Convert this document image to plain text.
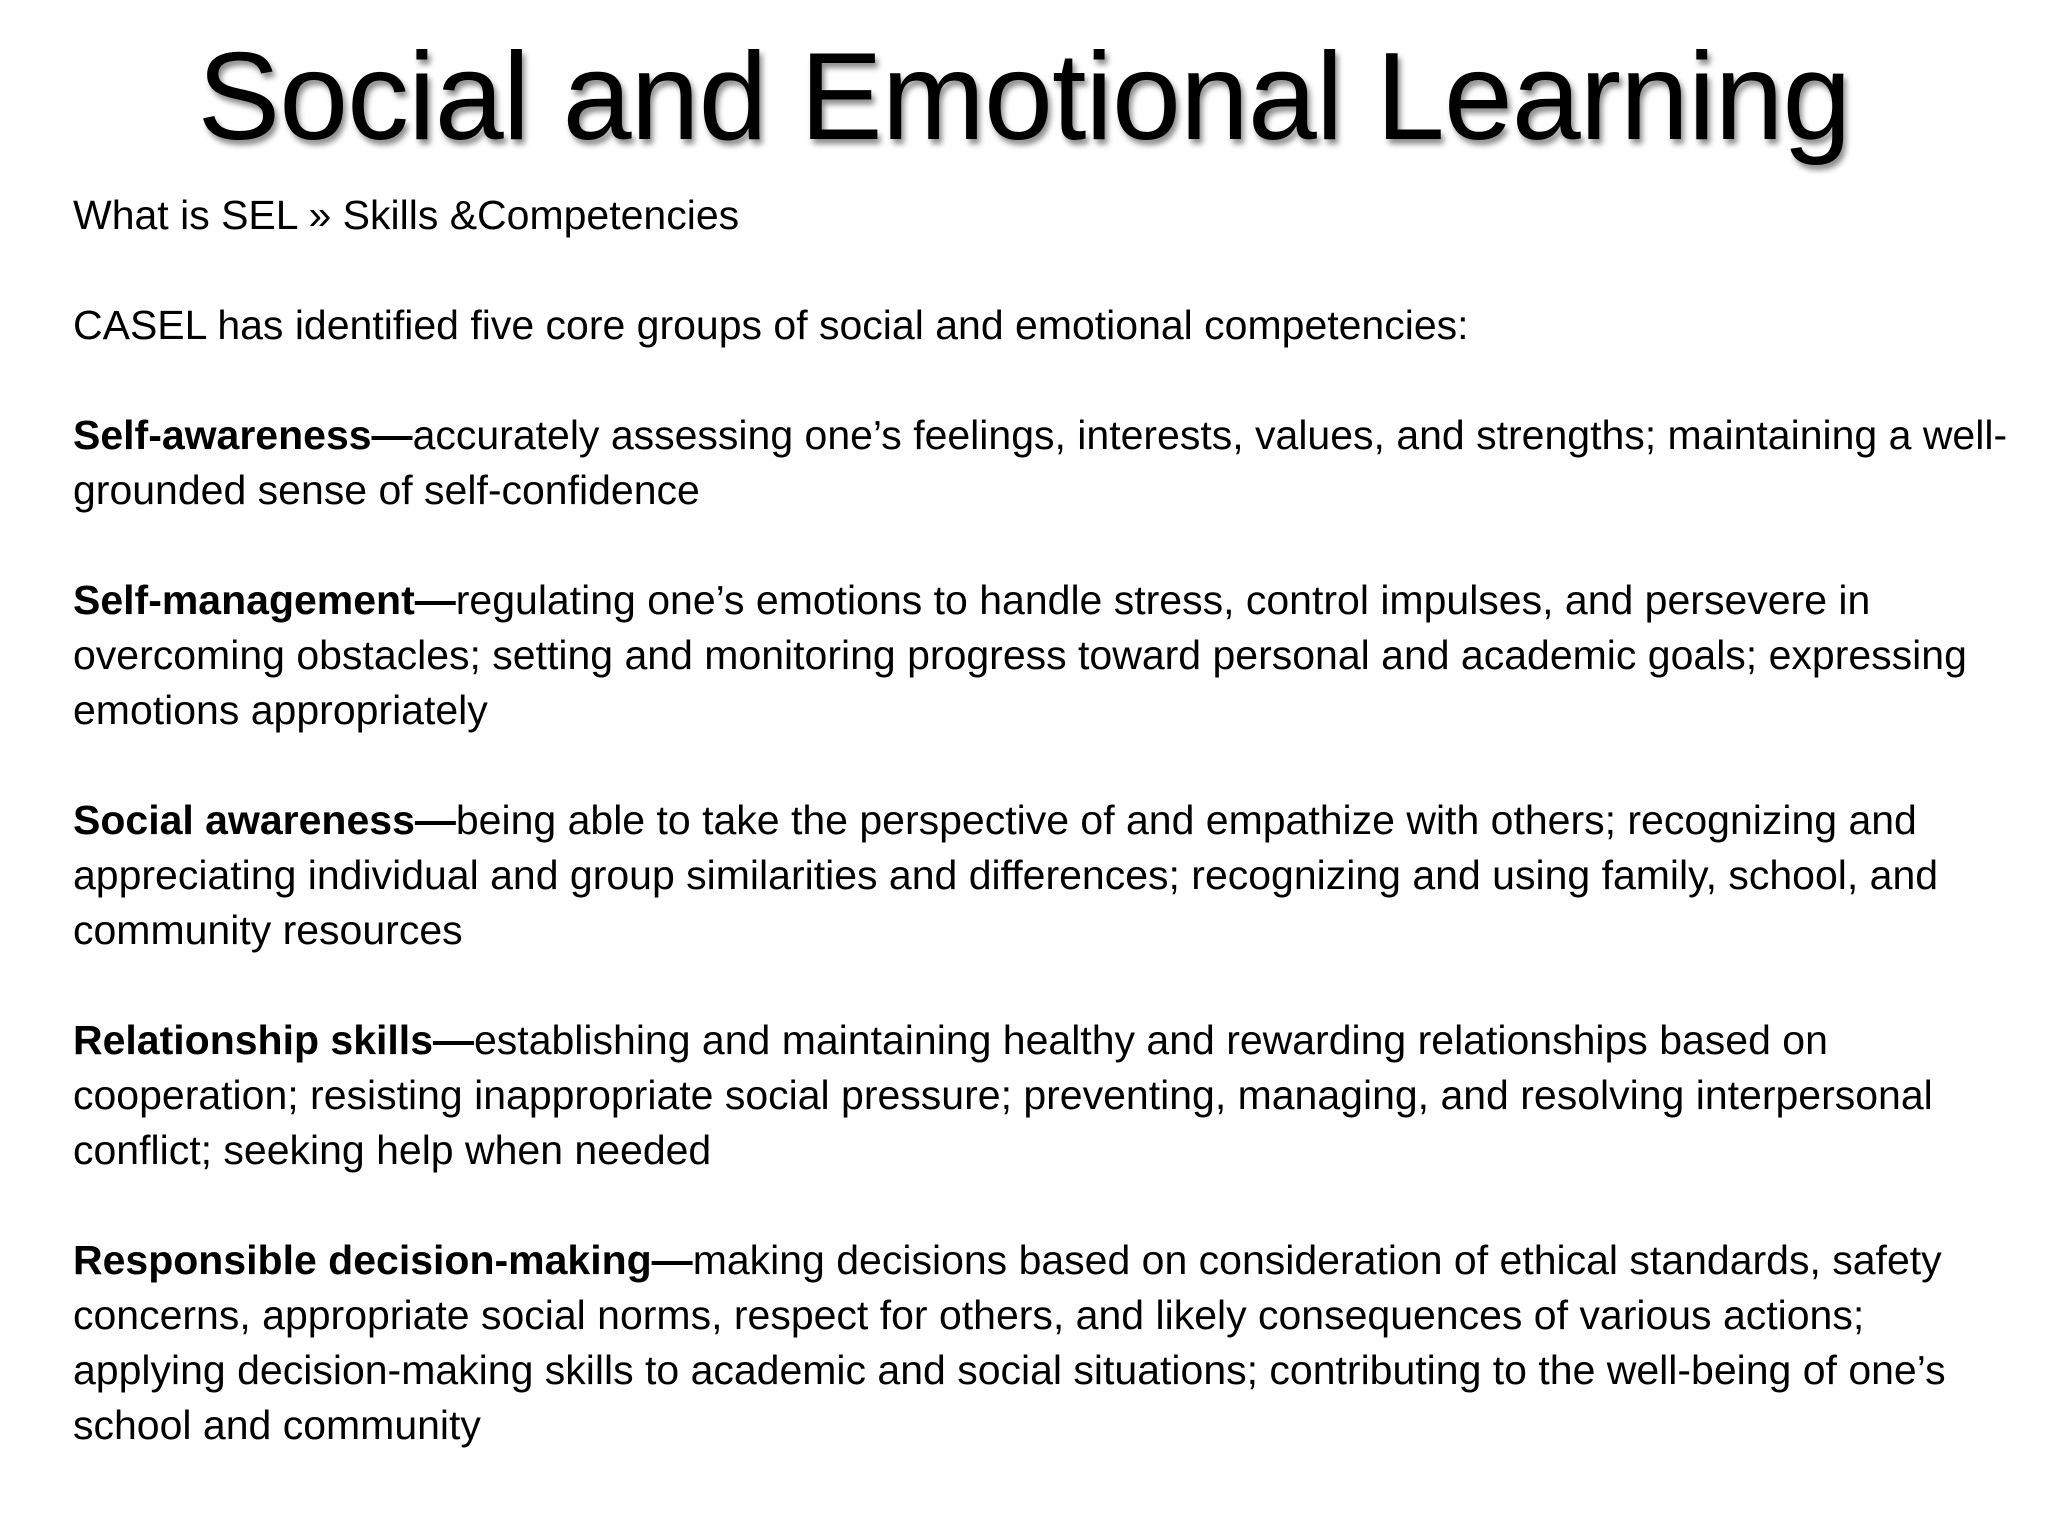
Social and Emotional Learning

What is SEL » Skills &Competencies

CASEL has identified five core groups of social and emotional competencies:

Self-awareness—accurately assessing one’s feelings, interests, values, and strengths; maintaining a well-grounded sense of self-confidence

Self-management—regulating one’s emotions to handle stress, control impulses, and persevere in overcoming obstacles; setting and monitoring progress toward personal and academic goals; expressing emotions appropriately

Social awareness—being able to take the perspective of and empathize with others; recognizing and appreciating individual and group similarities and differences; recognizing and using family, school, and community resources

Relationship skills—establishing and maintaining healthy and rewarding relationships based on cooperation; resisting inappropriate social pressure; preventing, managing, and resolving interpersonal conflict; seeking help when needed

Responsible decision-making—making decisions based on consideration of ethical standards, safety concerns, appropriate social norms, respect for others, and likely consequences of various actions; applying decision-making skills to academic and social situations; contributing to the well-being of one’s school and community
